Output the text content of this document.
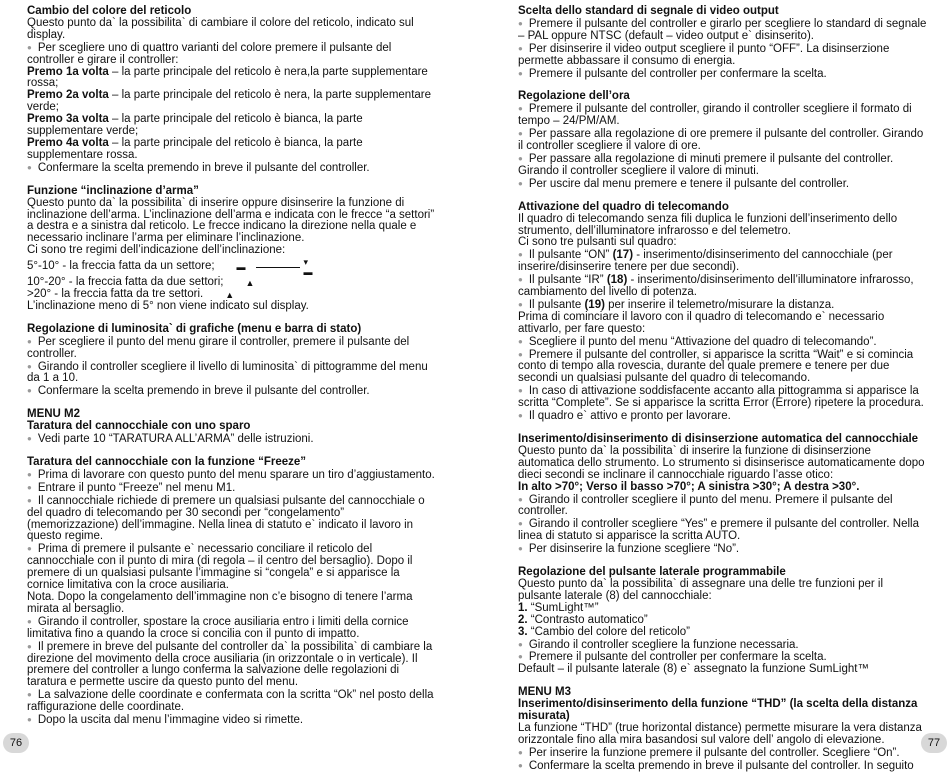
Cambio del colore del reticolo

Questo punto da` la possibilita` di cambiare il colore del reticolo, indicato sul display.

● Per scegliere uno di quattro varianti del colore premere il pulsante del controller e girare il controller:

Premo 1a volta – la parte principale del reticolo è nera,la parte supplementare rossa;

Premo 2a volta – la parte principale del reticolo è nera, la parte supplementare verde;

Premo 3a volta – la parte principale del reticolo è bianca, la parte supplementare verde;

Premo 4a volta – la parte principale del reticolo è bianca, la parte supplementare rossa.

● Confermare la scelta premendo in breve il pulsante del controller.

Funzione “inclinazione d’arma”

Questo punto da` la possibilita` di inserire oppure disinserire la funzione di inclinazione dell’arma. L’inclinazione dell’arma e indicata con le frecce “a settori” a destra e a sinistra dal reticolo. Le frecce indicano la direzione nella quale e necessario inclinare l’arma per eliminare l’inclinazione.

Ci sono tre regimi dell’indicazione dell’inclinazione:

5°-10° - la freccia fatta da un settore; ▬	▾
▬
10°-20° - la freccia fatta da due settori; ▲
>20° - la freccia fatta da tre settori. ▲

L’inclinazione meno di 5° non viene indicato sul display.

Regolazione di luminosita` di grafiche (menu e barra di stato)

● Per scegliere il punto del menu girare il controller, premere il pulsante del controller.

● Girando il controller scegliere il livello di luminosita` di pittogramme del menu da 1 a 10.

● Confermare la scelta premendo in breve il pulsante del controller.

MENU M2

Taratura del cannocchiale con uno sparo

● Vedi parte 10 “TARATURA ALL’ARMA” delle istruzioni.

Taratura del cannocchiale con la funzione “Freeze”

● Prima di lavorare con questo punto del menu sparare un tiro d’aggiustamento.

● Entrare il punto “Freeze” nel menu M1.

● Il cannocchiale richiede di premere un qualsiasi pulsante del cannocchiale o del quadro di telecomando per 30 secondi per “congelamento” (memorizzazione) dell’immagine. Nella linea di statuto e` indicato il lavoro in questo regime.

● Prima di premere il pulsante e` necessario conciliare il reticolo del cannocchiale con il punto di mira (di regola – il centro del bersaglio). Dopo il premere di un qualsiasi pulsante l’immagine si “congela” e si apparisce la cornice limitativa con la croce ausiliaria.

Nota. Dopo la congelamento dell’immagine non c’e bisogno di tenere l’arma mirata al bersaglio.

● Girando il controller, spostare la croce ausiliaria entro i limiti della cornice limitativa fino a quando la croce si concilia con il punto di impatto.

● Il premere in breve del pulsante del controller da` la possibilita` di cambiare la direzione del movimento della croce ausiliaria (in orizzontale o in verticale). Il premere del controller a lungo conferma la salvazione delle regolazioni di taratura e permette uscire da questo punto del menu.

● La salvazione delle coordinate e confermata con la scritta “Ok” nel posto della raffigurazione delle coordinate.

● Dopo la uscita dal menu l’immagine video si rimette.

Scelta dello standard di segnale di video output

● Premere il pulsante del controller e girarlo per scegliere lo standard di segnale – PAL oppure NTSC (default – video output e` disinserito).

● Per disinserire il video output scegliere il punto “OFF”. La disinserzione permette abbassare il consumo di energia.

● Premere il pulsante del controller per confermare la scelta.

Regolazione dell’ora

● Premere il pulsante del controller, girando il controller scegliere il formato di tempo – 24/PM/AM.

● Per passare alla regolazione di ore premere il pulsante del controller. Girando il controller scegliere il valore di ore.

● Per passare alla regolazione di minuti premere il pulsante del controller. Girando il controller scegliere il valore di minuti.

● Per uscire dal menu premere e tenere il pulsante del controller.

Attivazione del quadro di telecomando

Il quadro di telecomando senza fili duplica le funzioni dell’inserimento dello strumento, dell’illuminatore infrarosso e del telemetro.

Ci sono tre pulsanti sul quadro:

● Il pulsante “ON” (17) - inserimento/disinserimento del cannocchiale (per inserire/disinserire tenere per due secondi).

● Il pulsante “IR” (18) - inserimento/disinserimento dell’illuminatore infrarosso, cambiamento del livello di potenza.

● Il pulsante (19) per inserire il telemetro/misurare la distanza.

Prima di cominciare il lavoro con il quadro di telecomando e` necessario attivarlo, per fare questo:

● Scegliere il punto del menu “Attivazione del quadro di telecomando”.

● Premere il pulsante del controller, si apparisce la scritta “Wait” e si comincia conto di tempo alla rovescia, durante del quale premere e tenere per due secondi un qualsiasi pulsante del quadro di telecomando.

● In caso di attivazione soddisfacente accanto alla pittogramma si apparisce la scritta “Complete”. Se si apparisce la scritta Error (Errore) ripetere la procedura.

● Il quadro e` attivo e pronto per lavorare.

Inserimento/disinserimento di disinserzione automatica del cannocchiale

Questo punto da` la possibilita` di inserire la funzione di disinserzione automatica dello strumento. Lo strumento si disinserisce automaticamente dopo dieci secondi se inclinare il cannocchiale riguardo l’asse otico:

In alto >70°; Verso il basso >70°; A sinistra >30°; A destra >30°.

● Girando il controller scegliere il punto del menu. Premere il pulsante del controller.

● Girando il controller scegliere “Yes” e premere il pulsante del controller. Nella linea di statuto si apparisce la scritta AUTO.

● Per disinserire la funzione scegliere “No”.

Regolazione del pulsante laterale programmabile

Questo punto da` la possibilita` di assegnare una delle tre funzioni per il pulsante laterale (8) del cannocchiale:

1. “SumLight™”

2. “Contrasto automatico”

3. “Cambio del colore del reticolo”

● Girando il controller scegliere la funzione necessaria.

● Premere il pulsante del controller per confermare la scelta.

Default – il pulsante laterale (8) e` assegnato la funzione SumLight™

MENU M3

Inserimento/disinserimento della funzione “THD” (la scelta della distanza misurata)

La funzione “THD” (true horizontal distance) permette misurare la vera distanza orizzontale fino alla mira basandosi sul valore dell’ angolo di elevazione.

● Per inserire la funzione premere il pulsante del controller. Scegliere “On”.

● Confermare la scelta premendo in breve il pulsante del controller. In seguito

76	77
